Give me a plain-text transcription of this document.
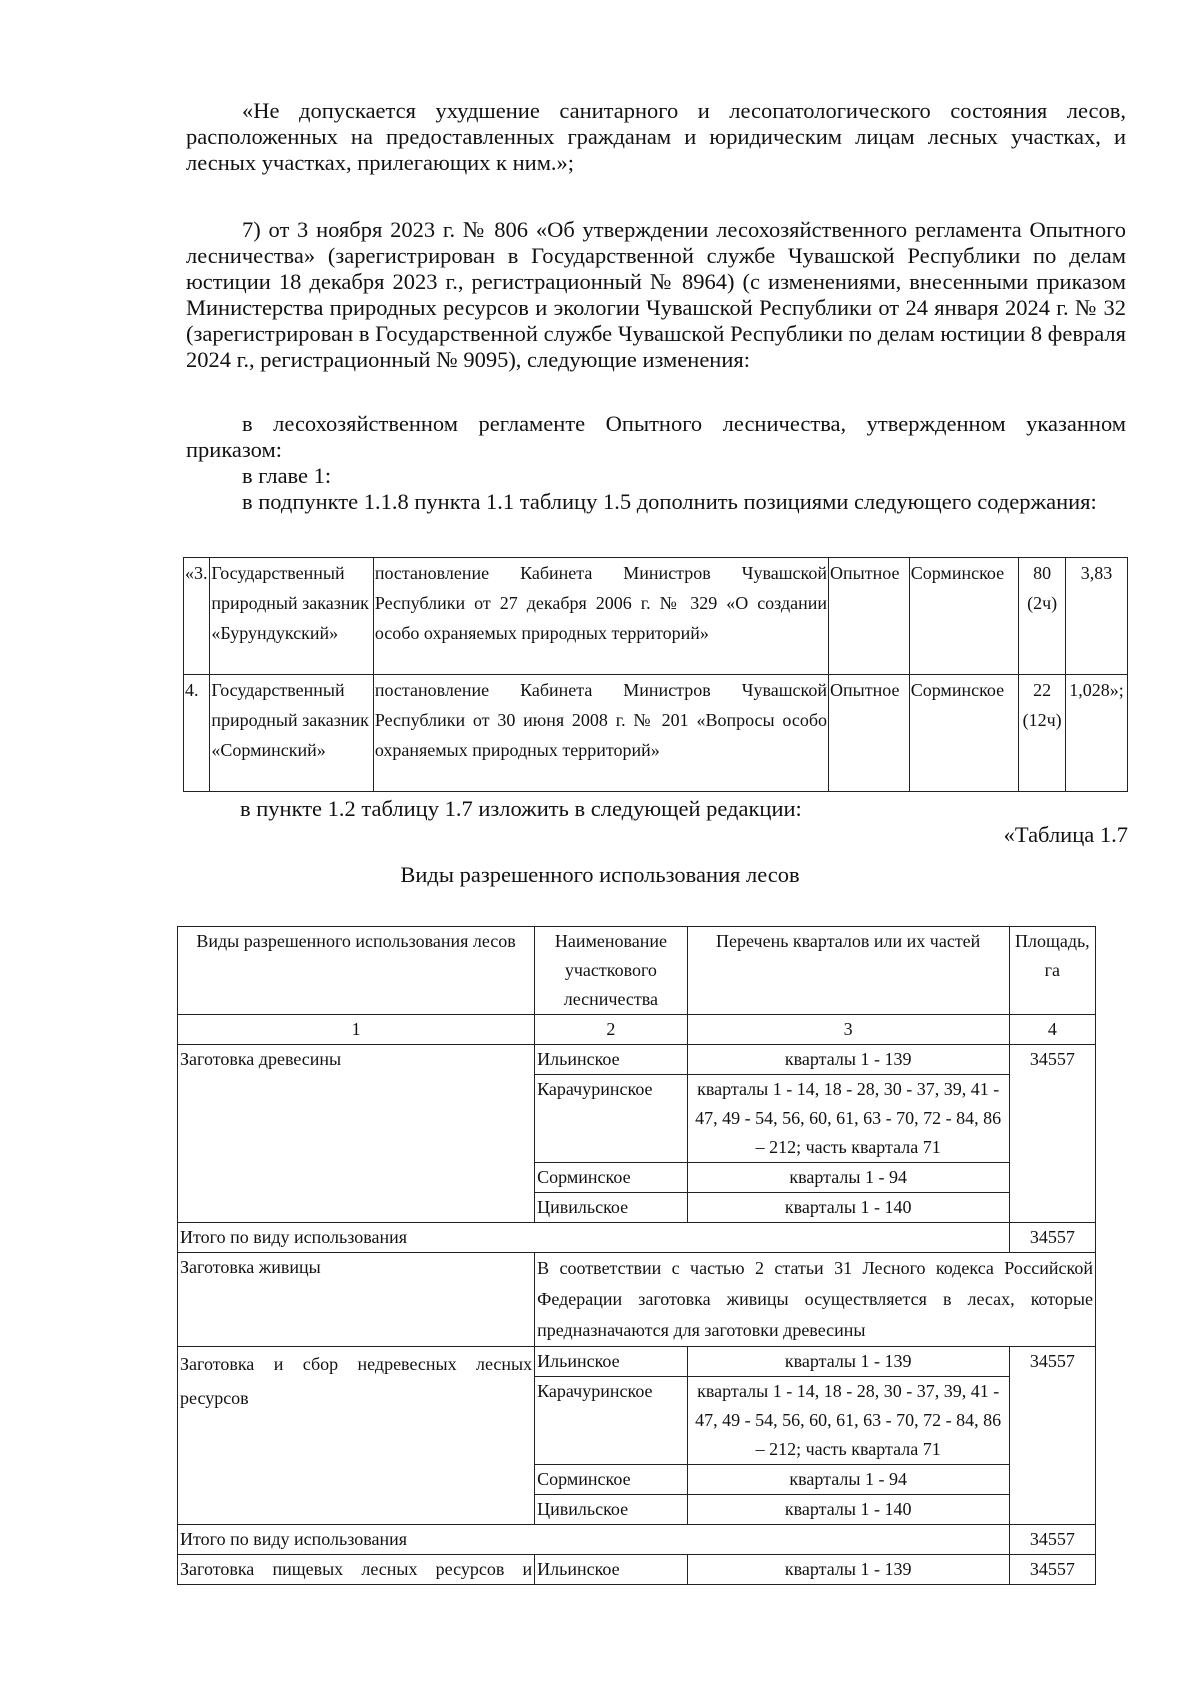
«Не допускается ухудшение санитарного и лесопатологического состояния лесов, расположенных на предоставленных гражданам и юридическим лицам лесных участках, и лесных участках, прилегающих к ним.»;
7) от 3 ноября 2023 г. № 806 «Об утверждении лесохозяйственного регламента Опытного лесничества» (зарегистрирован в Государственной службе Чувашской Республики по делам юстиции 18 декабря 2023 г., регистрационный № 8964) (с изменениями, внесенными приказом Министерства природных ресурсов и экологии Чувашской Республики от 24 января 2024 г. № 32 (зарегистрирован в Государственной службе Чувашской Республики по делам юстиции 8 февраля 2024 г., регистрационный № 9095), следующие изменения:
в лесохозяйственном регламенте Опытного лесничества, утвержденном указанном приказом:
в главе 1:
в подпункте 1.1.8 пункта 1.1 таблицу 1.5 дополнить позициями следующего содержания:
«3.	Государственный природный заказник «Бурундукский»	постановление Кабинета Министров Чувашской Республики от 27 декабря 2006 г. № 329 «О создании особо охраняемых природных территорий»	Опытное	Сорминское	80 (2ч)	3,83
4.	Государственный природный заказник «Сорминский»	постановление Кабинета Министров Чувашской Республики от 30 июня 2008 г. № 201 «Вопросы особо охраняемых природных территорий»	Опытное	Сорминское	22 (12ч)	1,028»;
в пункте 1.2 таблицу 1.7 изложить в следующей редакции:
«Таблица 1.7
Виды разрешенного использования лесов
Виды разрешенного использования лесов	Наименование участкового лесничества	Перечень кварталов или их частей	Площадь, га
1	2	3	4
Заготовка древесины	Ильинское	кварталы 1 - 139	34557
	Карачуринское	кварталы 1 - 14, 18 - 28, 30 - 37, 39, 41 - 47, 49 - 54, 56, 60, 61, 63 - 70, 72 - 84, 86 – 212; часть квартала 71	
	Сорминское	кварталы 1 - 94	
	Цивильское	кварталы 1 - 140	
Итого по виду использования			34557
Заготовка живицы	В соответствии с частью 2 статьи 31 Лесного кодекса Российской Федерации заготовка живицы осуществляется в лесах, которые предназначаются для заготовки древесины		
Заготовка и сбор недревесных лесных ресурсов	Ильинское	кварталы 1 - 139	34557
	Карачуринское	кварталы 1 - 14, 18 - 28, 30 - 37, 39, 41 - 47, 49 - 54, 56, 60, 61, 63 - 70, 72 - 84, 86 – 212; часть квартала 71	
	Сорминское	кварталы 1 - 94	
	Цивильское	кварталы 1 - 140	
Итого по виду использования			34557
Заготовка пищевых лесных ресурсов и	Ильинское	кварталы 1 - 139	34557
